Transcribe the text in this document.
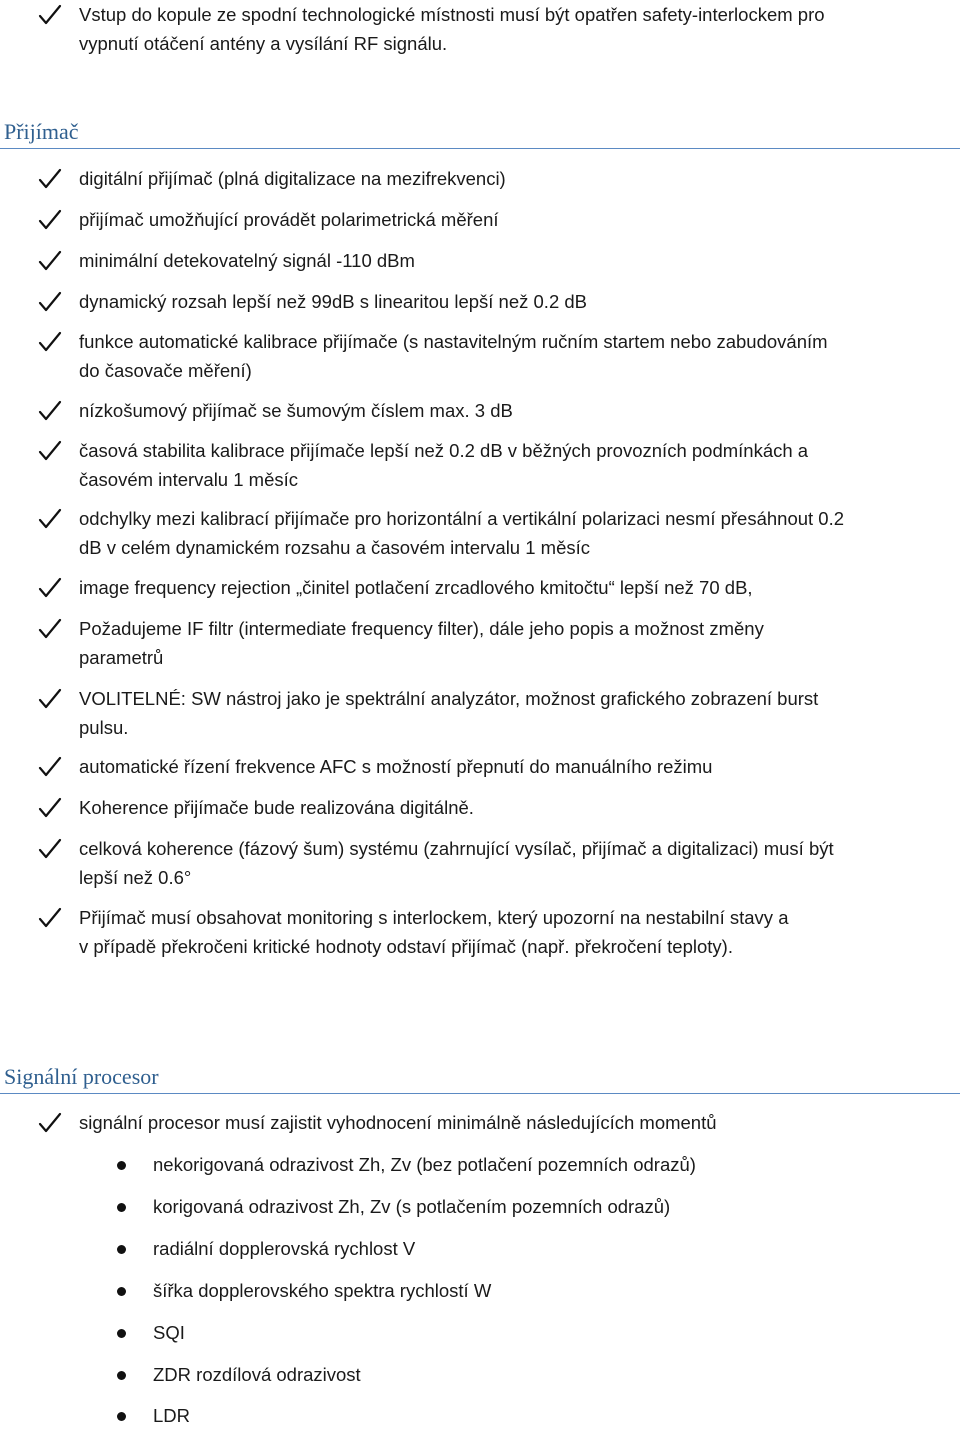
Vstup do kopule ze spodní technologické místnosti musí být opatřen safety-interlockem pro
vypnutí otáčení antény a vysílání RF signálu.
Přijímač
digitální přijímač (plná digitalizace na mezifrekvenci)
přijímač umožňující provádět polarimetrická měření
minimální detekovatelný signál -110 dBm
dynamický rozsah lepší než 99dB s linearitou lepší než 0.2 dB
funkce automatické kalibrace přijímače (s nastavitelným ručním startem nebo zabudováním
do časovače měření)
nízkošumový přijímač se šumovým číslem max. 3 dB
časová stabilita kalibrace přijímače lepší než 0.2 dB v běžných provozních podmínkách a
časovém intervalu 1 měsíc
odchylky mezi kalibrací přijímače pro horizontální a vertikální polarizaci nesmí přesáhnout 0.2
dB v celém dynamickém rozsahu a časovém intervalu 1 měsíc
image frequency rejection „činitel potlačení zrcadlového kmitočtu“ lepší než 70 dB,
Požadujeme IF filtr (intermediate frequency filter), dále jeho popis a možnost změny
parametrů
VOLITELNÉ: SW nástroj jako je spektrální analyzátor, možnost grafického zobrazení burst
pulsu.
automatické řízení frekvence AFC s možností přepnutí do manuálního režimu
Koherence přijímače bude realizována digitálně.
celková koherence (fázový šum) systému (zahrnující vysílač, přijímač a digitalizaci) musí být
lepší než 0.6°
Přijímač musí obsahovat monitoring s interlockem, který upozorní na nestabilní stavy a
v případě překročeni kritické hodnoty odstaví přijímač (např. překročení teploty).
Signální procesor
signální procesor musí zajistit vyhodnocení minimálně následujících momentů
nekorigovaná odrazivost Zh, Zv (bez potlačení pozemních odrazů)
korigovaná odrazivost Zh, Zv (s potlačením pozemních odrazů)
radiální dopplerovská rychlost V
šířka dopplerovského spektra rychlostí W
SQI
ZDR rozdílová odrazivost
LDR
